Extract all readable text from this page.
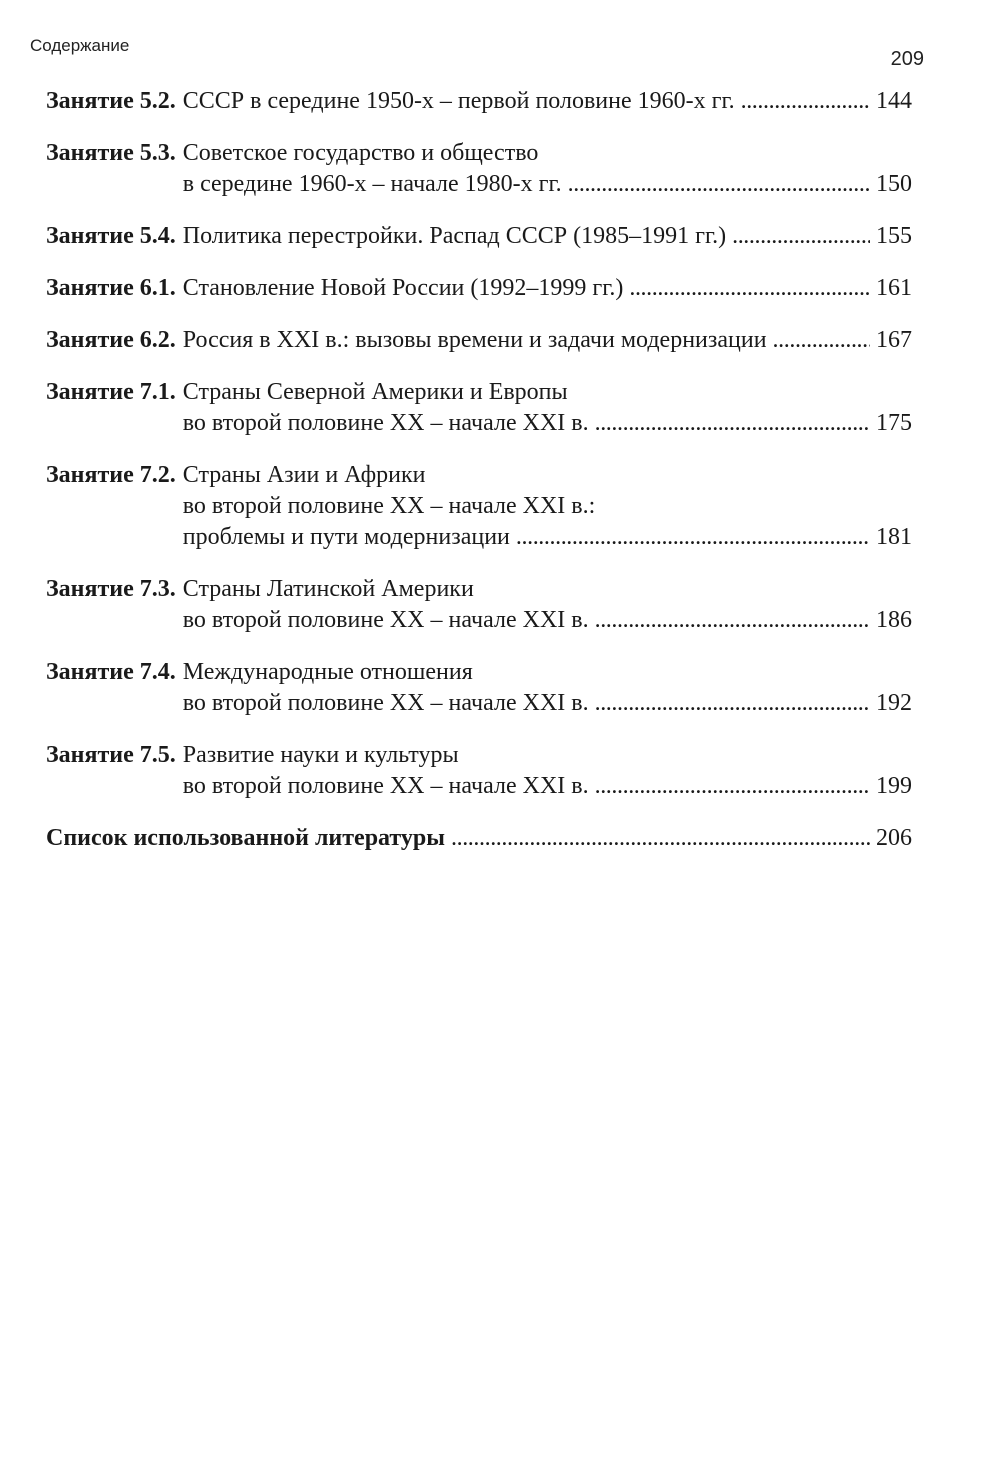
Содержание
209
Занятие 5.2. СССР в середине 1950-х – первой половине 1960-х гг. . . .	144
Занятие 5.3. Советское государство и общество
в середине 1960-х – начале 1980-х гг. . . .	150
Занятие 5.4. Политика перестройки. Распад СССР (1985–1991 гг.) . . .	155
Занятие 6.1. Становление Новой России (1992–1999 гг.) . . .	161
Занятие 6.2. Россия в XXI в.: вызовы времени и задачи модернизации . . .	167
Занятие 7.1. Страны Северной Америки и Европы
во второй половине XX – начале XXI в. . . .	175
Занятие 7.2. Страны Азии и Африки
во второй половине XX – начале XXI в.:
проблемы и пути модернизации . . .	181
Занятие 7.3. Страны Латинской Америки
во второй половине XX – начале XXI в. . . .	186
Занятие 7.4. Международные отношения
во второй половине XX – начале XXI в. . . .	192
Занятие 7.5. Развитие науки и культуры
во второй половине XX – начале XXI в. . . .	199
Список использованной литературы . . .	206
